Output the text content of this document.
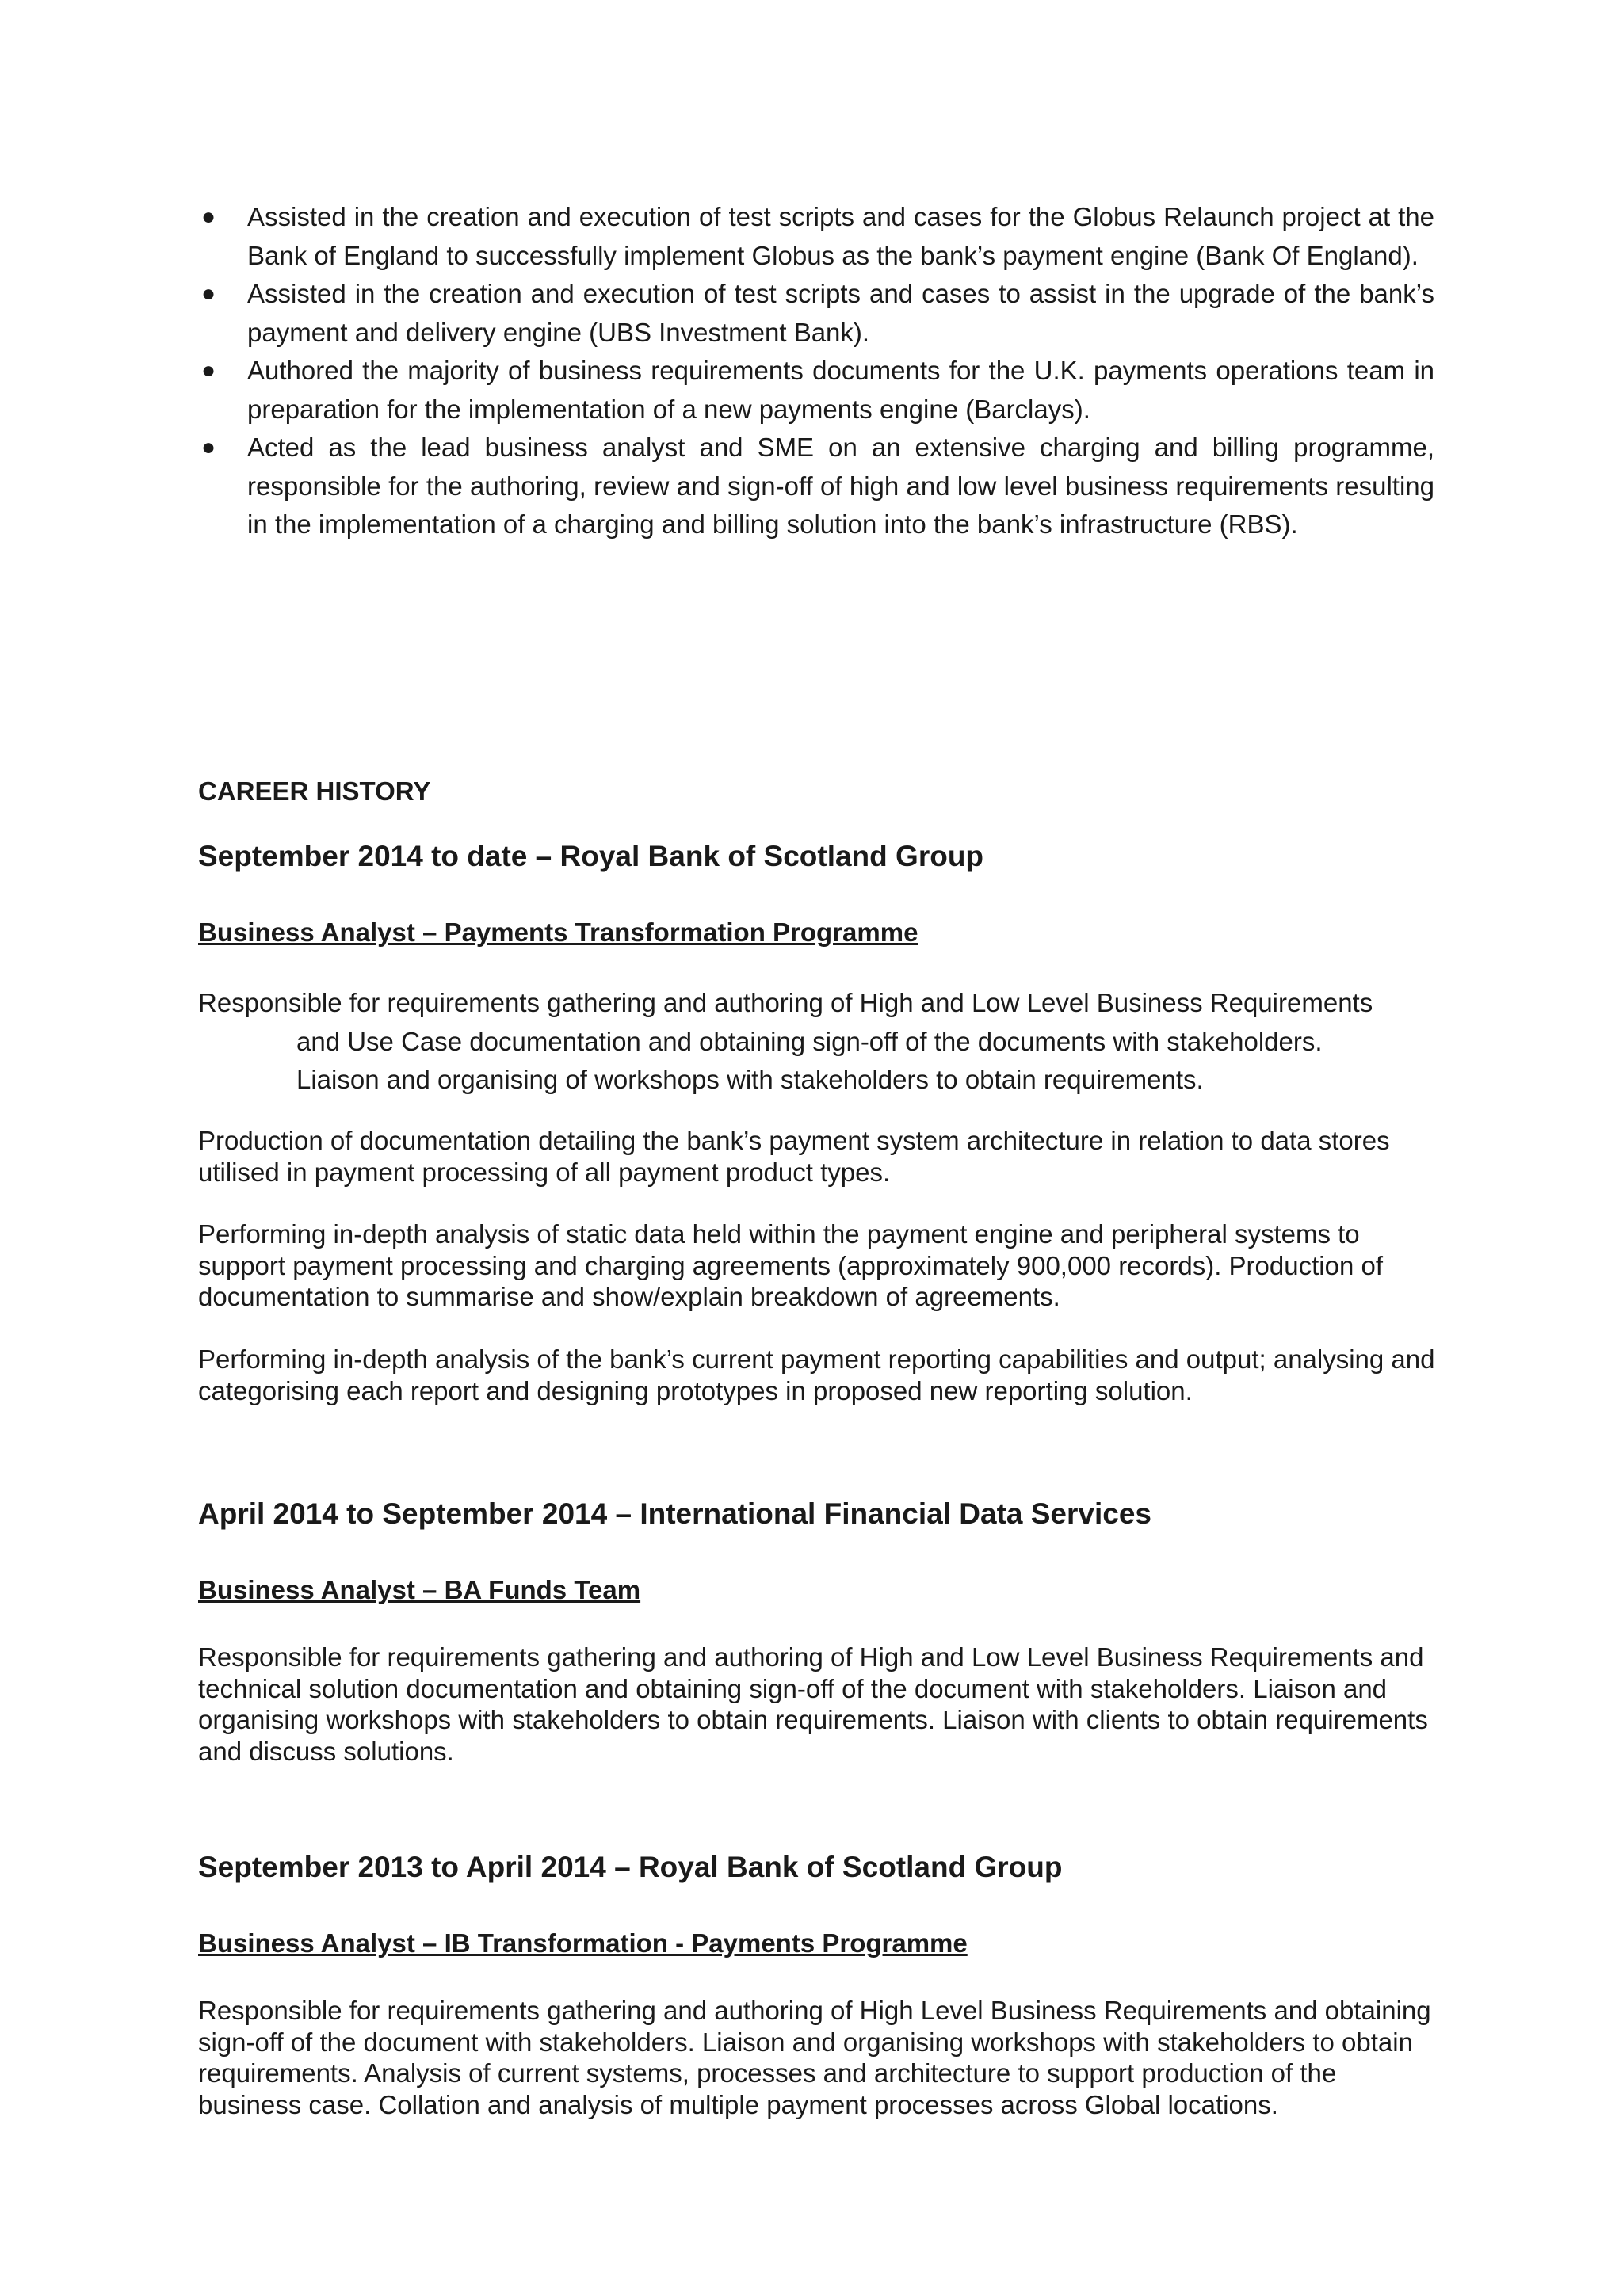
● Assisted in the creation and execution of test scripts and cases for the Globus Relaunch project at the Bank of England to successfully implement Globus as the bank’s payment engine (Bank Of England).
● Assisted in the creation and execution of test scripts and cases to assist in the upgrade of the bank’s payment and delivery engine (UBS Investment Bank).
● Authored the majority of business requirements documents for the U.K. payments operations team in preparation for the implementation of a new payments engine (Barclays).
● Acted as the lead business analyst and SME on an extensive charging and billing programme, responsible for the authoring, review and sign-off of high and low level business requirements resulting in the implementation of a charging and billing solution into the bank’s infrastructure (RBS).
CAREER HISTORY
September 2014 to date – Royal Bank of Scotland Group
Business Analyst – Payments Transformation Programme
Responsible for requirements gathering and authoring of High and Low Level Business Requirements
and Use Case documentation and obtaining sign-off of the documents with stakeholders.
Liaison and organising of workshops with stakeholders to obtain requirements.

Production of documentation detailing the bank’s payment system architecture in relation to data stores utilised in payment processing of all payment product types.

Performing in-depth analysis of static data held within the payment engine and peripheral systems to support payment processing and charging agreements (approximately 900,000 records). Production of documentation to summarise and show/explain breakdown of agreements.

Performing in-depth analysis of the bank’s current payment reporting capabilities and output; analysing and categorising each report and designing prototypes in proposed new reporting solution.

April 2014 to September 2014 – International Financial Data Services
Business Analyst – BA Funds Team

Responsible for requirements gathering and authoring of High and Low Level Business Requirements and technical solution documentation and obtaining sign-off of the document with stakeholders. Liaison and organising workshops with stakeholders to obtain requirements. Liaison with clients to obtain requirements and discuss solutions.

September 2013 to April 2014 – Royal Bank of Scotland Group
Business Analyst – IB Transformation - Payments Programme

Responsible for requirements gathering and authoring of High Level Business Requirements and obtaining sign-off of the document with stakeholders. Liaison and organising workshops with stakeholders to obtain requirements. Analysis of current systems, processes and architecture to support production of the business case. Collation and analysis of multiple payment processes across Global locations.
